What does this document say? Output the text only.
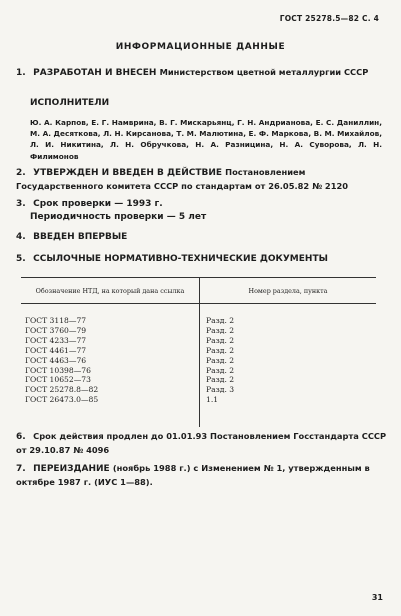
ГОСТ 25278.5—82 С. 4
ИНФОРМАЦИОННЫЕ ДАННЫЕ
1. РАЗРАБОТАН И ВНЕСЕН Министерством цветной металлургии СССР
ИСПОЛНИТЕЛИ
Ю. А. Карпов, Е. Г. Намврина, В. Г. Мискарьянц, Г. Н. Андрианова, Е. С. Даниллин, М. А. Десяткова, Л. Н. Кирсанова, Т. М. Малютина, Е. Ф. Маркова, В. М. Михайлов, Л. И. Никитина, Л. Н. Обручкова, Н. А. Разницина, Н. А. Суворова, Л. Н. Филимонов
2. УТВЕРЖДЕН И ВВЕДЕН В ДЕЙСТВИЕ Постановлением Государственного комитета СССР по стандартам от 26.05.82 № 2120
3. Срок проверки — 1993 г.
Периодичность проверки — 5 лет
4. ВВЕДЕН ВПЕРВЫЕ
5. ССЫЛОЧНЫЕ НОРМАТИВНО-ТЕХНИЧЕСКИЕ ДОКУМЕНТЫ
Обозначение НТД, на который дана ссылка	Номер раздела, пункта

ГОСТ 3118—77	Разд. 2
ГОСТ 3760—79	Разд. 2
ГОСТ 4233—77	Разд. 2
ГОСТ 4461—77	Разд. 2
ГОСТ 4463—76	Разд. 2
ГОСТ 10398—76	Разд. 2
ГОСТ 10652—73	Разд. 2
ГОСТ 25278.8—82	Разд. 3
ГОСТ 26473.0—85	1.1

6. Срок действия продлен до 01.01.93 Постановлением Госстандарта СССР от 29.10.87 № 4096
7. ПЕРЕИЗДАНИЕ (ноябрь 1988 г.) с Изменением № 1, утвержденным в октябре 1987 г. (ИУС 1—88).
31
